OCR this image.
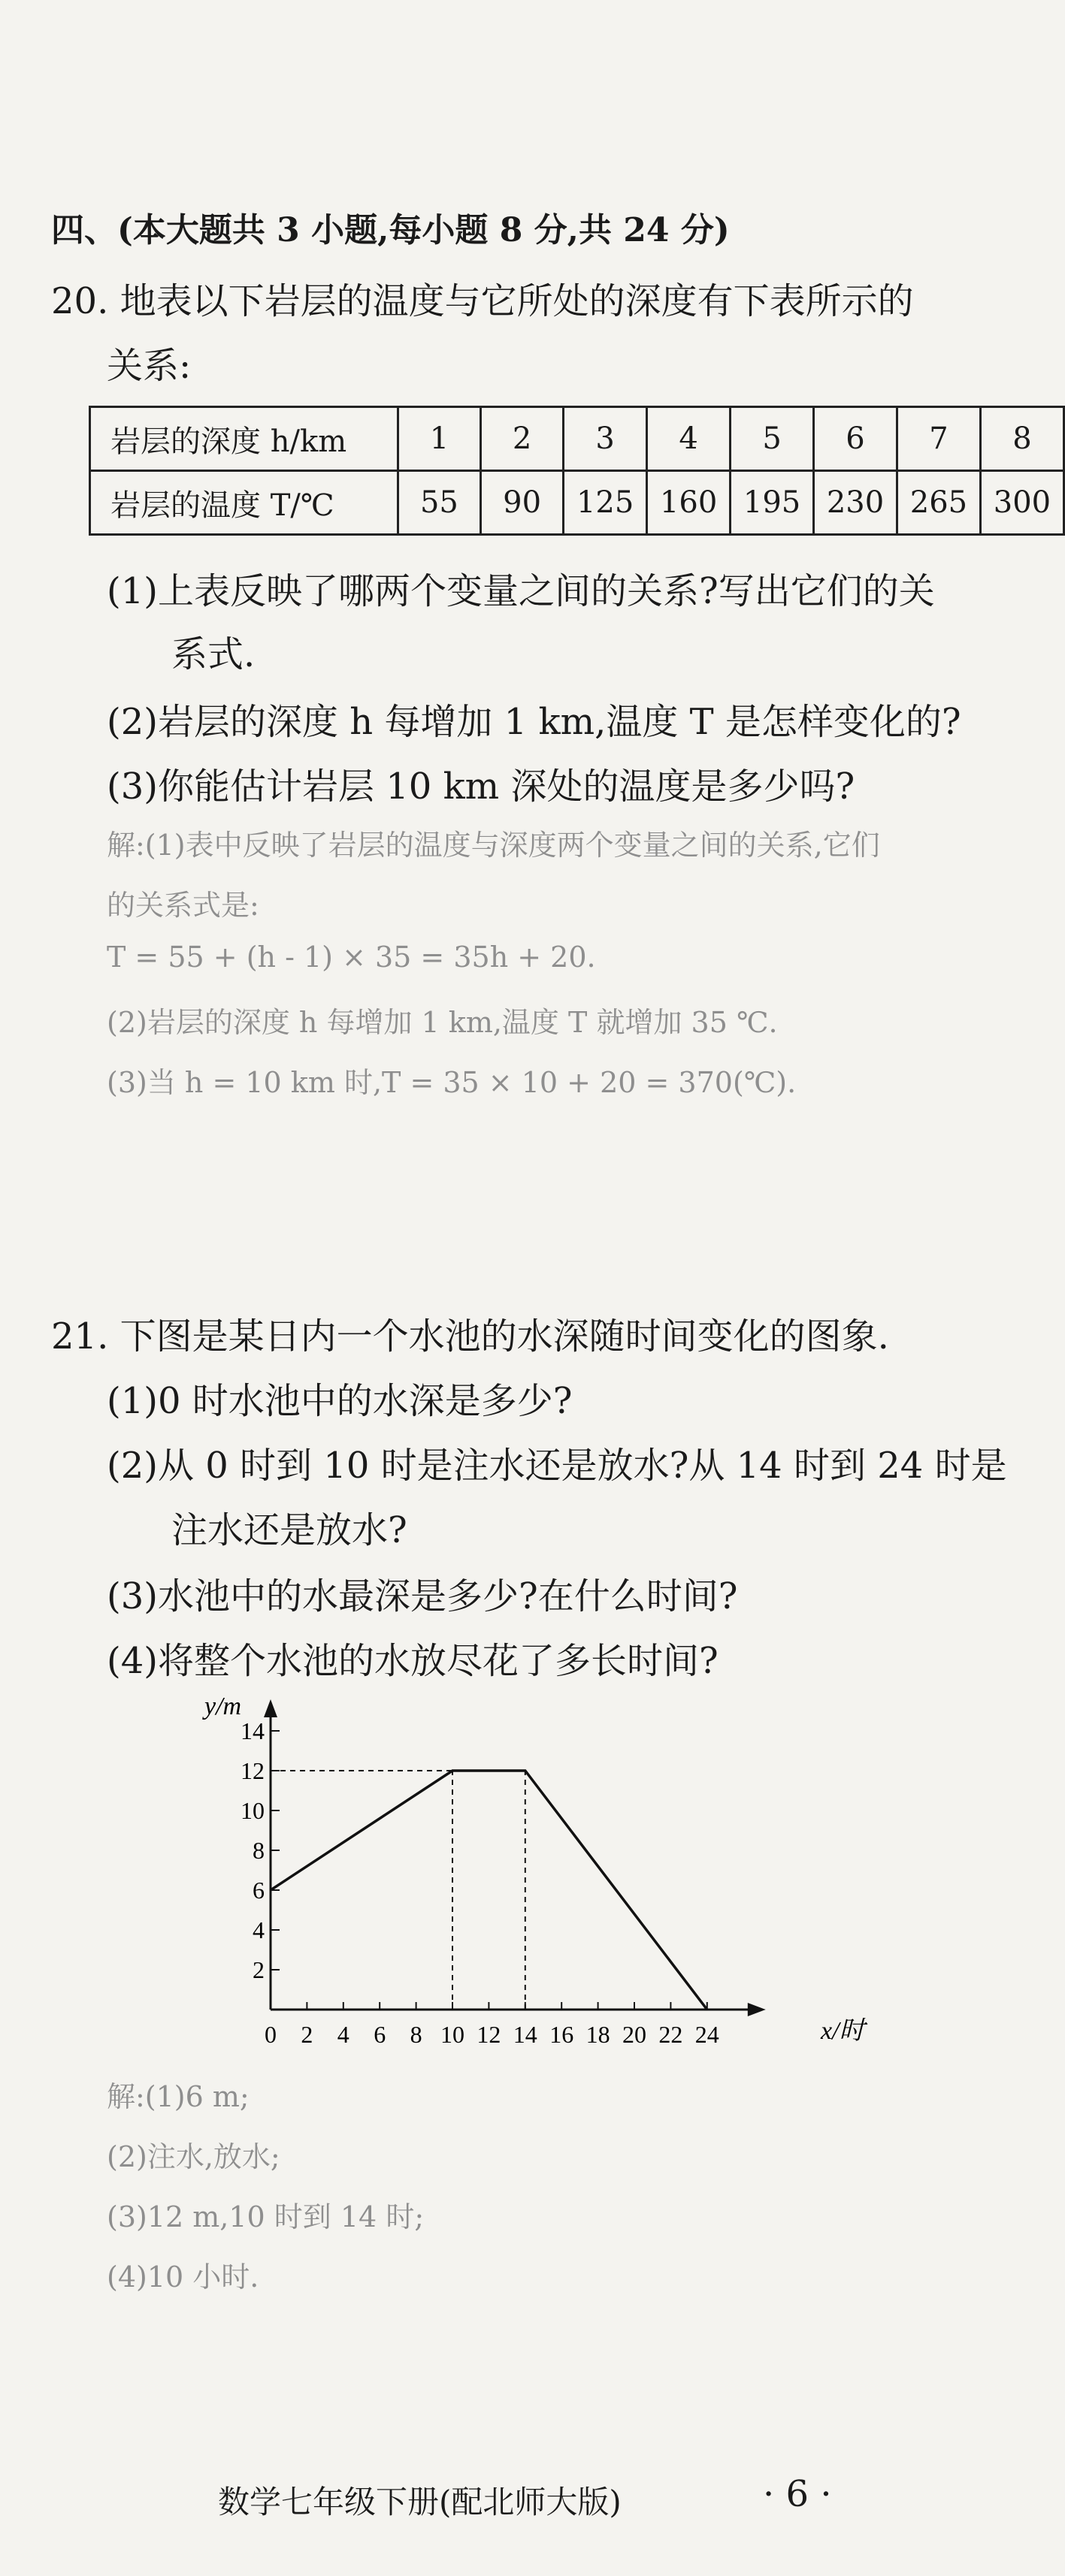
四、(本大题共 3 小题,每小题 8 分,共 24 分)
20. 地表以下岩层的温度与它所处的深度有下表所示的
关系:
岩层的深度 h/km	1	2	3	4	5	6	7	8
岩层的温度 T/℃	55	90	125	160	195	230	265	300
(1)上表反映了哪两个变量之间的关系?写出它们的关
系式.
(2)岩层的深度 h 每增加 1 km,温度 T 是怎样变化的?
(3)你能估计岩层 10 km 深处的温度是多少吗?
解:(1)表中反映了岩层的温度与深度两个变量之间的关系,它们
的关系式是:
T = 55 + (h - 1) × 35 = 35h + 20.
(2)岩层的深度 h 每增加 1 km,温度 T 就增加 35 ℃.
(3)当 h = 10 km 时,T = 35 × 10 + 20 = 370(℃).
21. 下图是某日内一个水池的水深随时间变化的图象.
(1)0 时水池中的水深是多少?
(2)从 0 时到 10 时是注水还是放水?从 14 时到 24 时是
注水还是放水?
(3)水池中的水最深是多少?在什么时间?
(4)将整个水池的水放尽花了多长时间?
0 2 4 6 8 10 12 14 16 18 20 22 24
2
4
6
8
10
12
14
y/m
x/时
解:(1)6 m;
(2)注水,放水;
(3)12 m,10 时到 14 时;
(4)10 小时.
数学七年级下册(配北师大版)	· 6 ·
